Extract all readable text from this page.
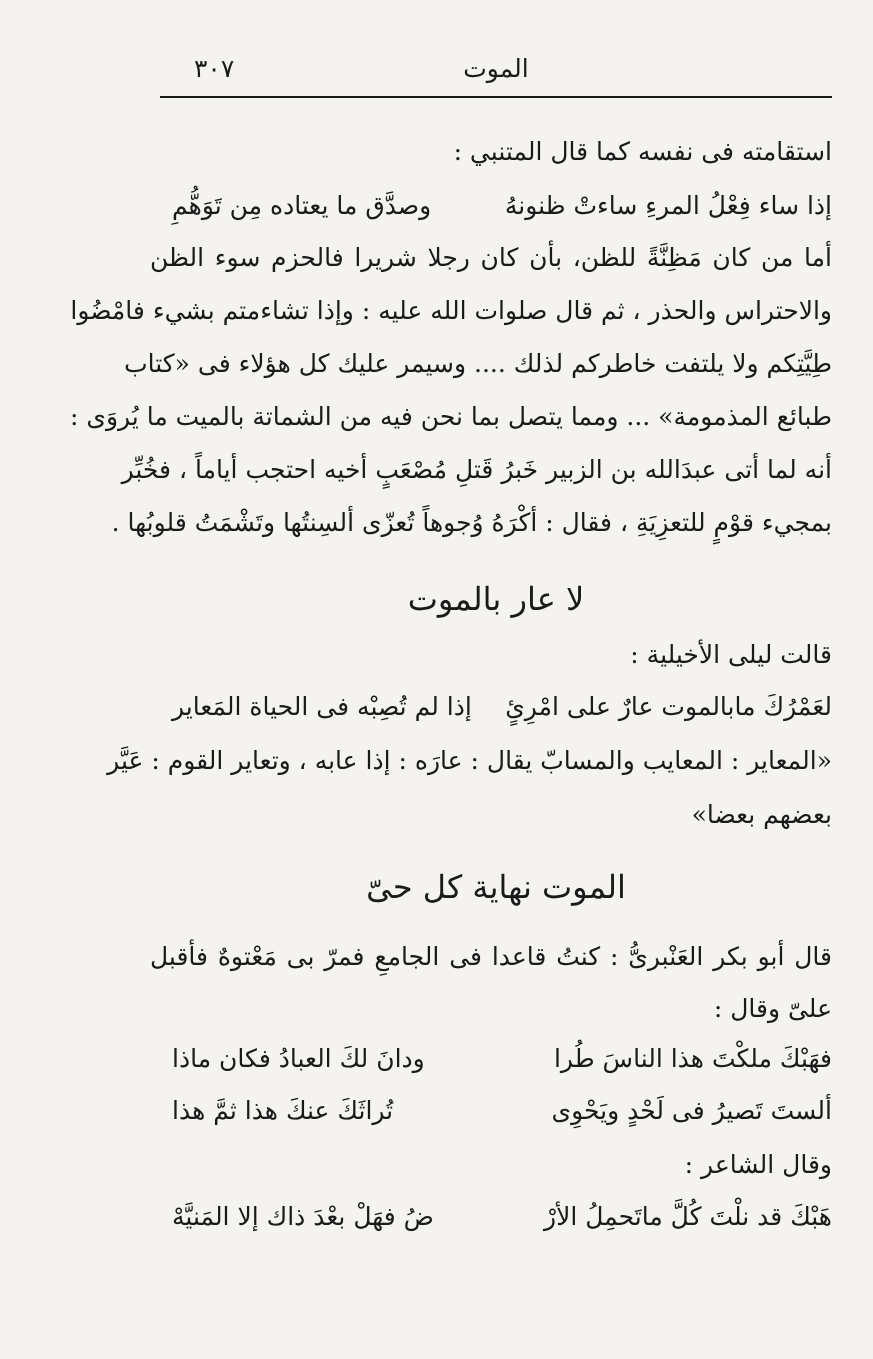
الموت
٣٠٧
استقامته فى نفسه كما قال المتنبي :
إذا ساء فِعْلُ المرءِ ساءتْ ظنونهُ
وصدَّق ما يعتاده مِن تَوَهُّمِ
أما من كان مَظِنَّةً للظن، بأن كان رجلا شريرا فالحزم سوء الظن
والاحتراس والحذر ، ثم قال صلوات الله عليه : وإذا تشاءمتم بشيء فامْضُوا
طِيَّتِكم ولا يلتفت خاطركم لذلك .... وسيمر عليك كل هؤلاء فى «كتاب
طبائع المذمومة» ... ومما يتصل بما نحن فيه من الشماتة بالميت ما يُروَى :
أنه لما أتى عبدَالله بن الزبير خَبرُ قَتلِ مُصْعَبٍ أخيه احتجب أياماً ، فخُبِّر
بمجيء قوْمٍ للتعزِيَةِ ، فقال : أكْرَهُ وُجوهاً تُعزّى ألسِنتُها وتَشْمَتُ قلوبُها .
لا عار بالموت
قالت ليلى الأخيلية :
لعَمْرُكَ مابالموت عارٌ على امْرِئٍ
إذا لم تُصِبْه فى الحياة المَعاير
«المعاير : المعايب والمسابّ يقال : عارَه : إذا عابه ، وتعاير القوم : عَيَّر
بعضهم بعضا»
الموت نهاية كل حىّ
قال أبو بكر العَنْبرىُّ : كنتُ قاعدا فى الجامعِ فمرّ بى مَعْتوهٌ فأقبل
علىّ وقال :
فهَبْكَ ملكْتَ هذا الناسَ طُرا
ودانَ لكَ العبادُ فكان ماذا
ألستَ تَصيرُ فى لَحْدٍ ويَحْوِى
تُراثَكَ عنكَ هذا ثمَّ هذا
وقال الشاعر :
هَبْكَ قد نلْتَ كُلَّ ماتَحمِلُ الأرْ
ضُ فهَلْ بعْدَ ذاك إلا المَنيَّهْ
